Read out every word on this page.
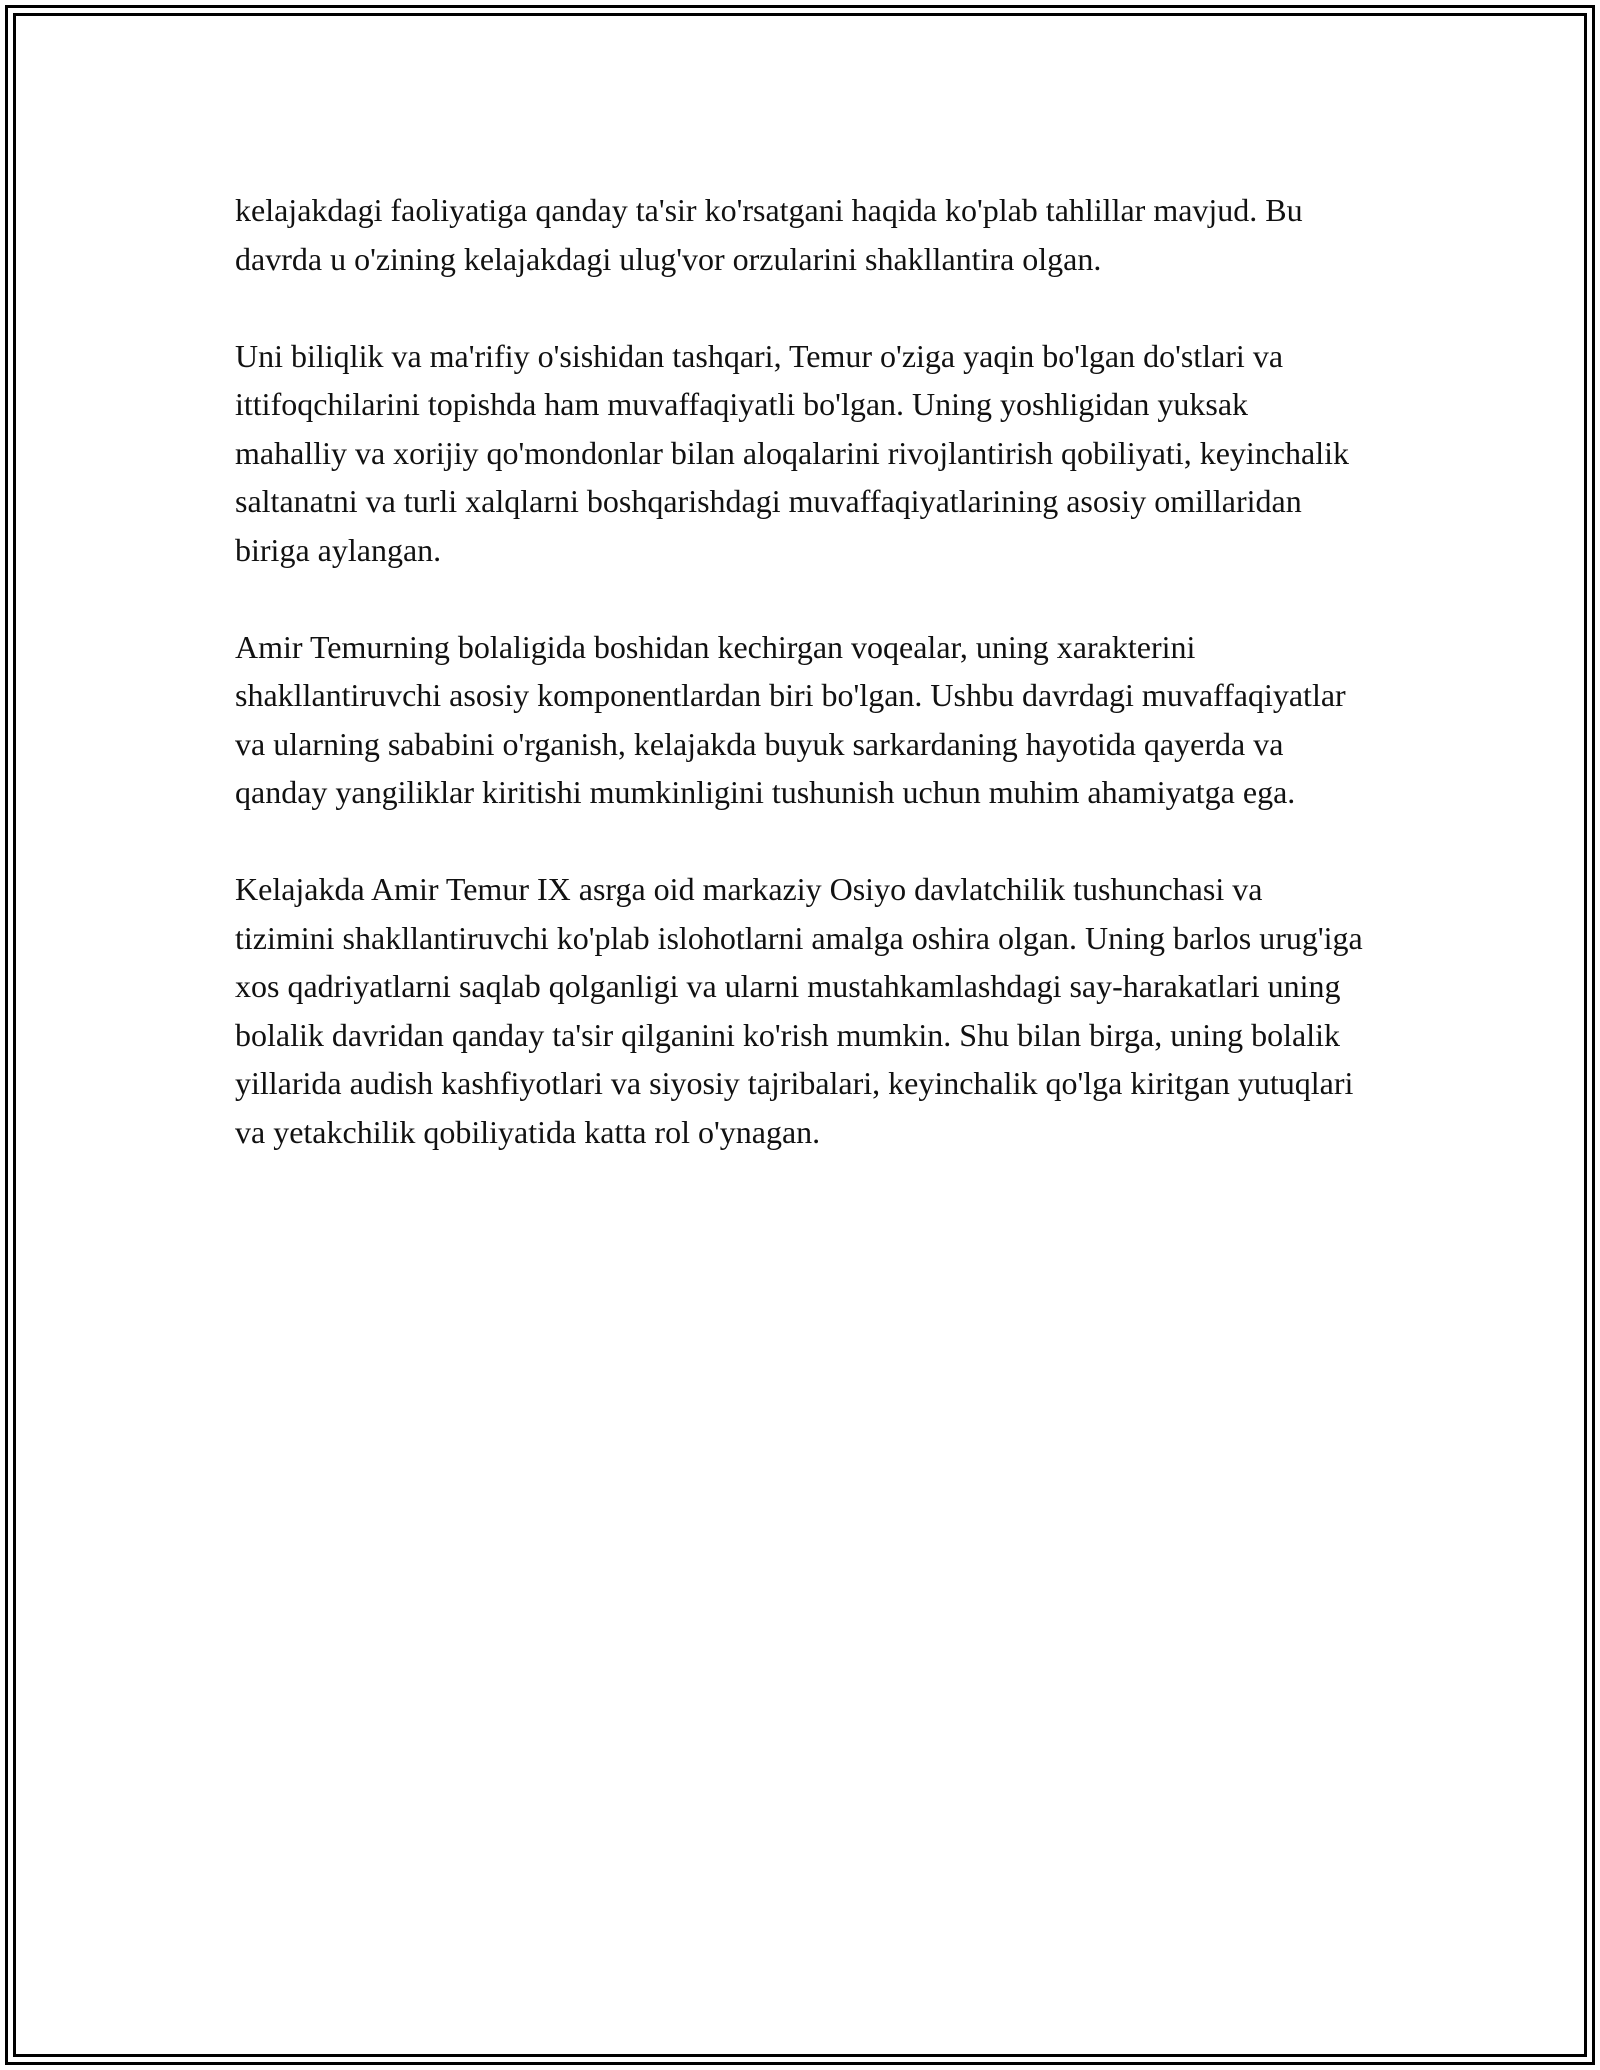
kelajakdagi faoliyatiga qanday ta'sir ko'rsatgani haqida ko'plab tahlillar mavjud. Bu davrda u o'zining kelajakdagi ulug'vor orzularini shakllantira olgan.

Uni biliqlik va ma'rifiy o'sishidan tashqari, Temur o'ziga yaqin bo'lgan do'stlari va ittifoqchilarini topishda ham muvaffaqiyatli bo'lgan. Uning yoshligidan yuksak mahalliy va xorijiy qo'mondonlar bilan aloqalarini rivojlantirish qobiliyati, keyinchalik saltanatni va turli xalqlarni boshqarishdagi muvaffaqiyatlarining asosiy omillaridan biriga aylangan.

Amir Temurning bolaligida boshidan kechirgan voqealar, uning xarakterini shakllantiruvchi asosiy komponentlardan biri bo'lgan. Ushbu davrdagi muvaffaqiyatlar va ularning sababini o'rganish, kelajakda buyuk sarkardaning hayotida qayerda va qanday yangiliklar kiritishi mumkinligini tushunish uchun muhim ahamiyatga ega.

Kelajakda Amir Temur IX asrga oid markaziy Osiyo davlatchilik tushunchasi va tizimini shakllantiruvchi ko'plab islohotlarni amalga oshira olgan. Uning barlos urug'iga xos qadriyatlarni saqlab qolganligi va ularni mustahkamlashdagi say-harakatlari uning bolalik davridan qanday ta'sir qilganini ko'rish mumkin. Shu bilan birga, uning bolalik yillarida audish kashfiyotlari va siyosiy tajribalari, keyinchalik qo'lga kiritgan yutuqlari va yetakchilik qobiliyatida katta rol o'ynagan.
